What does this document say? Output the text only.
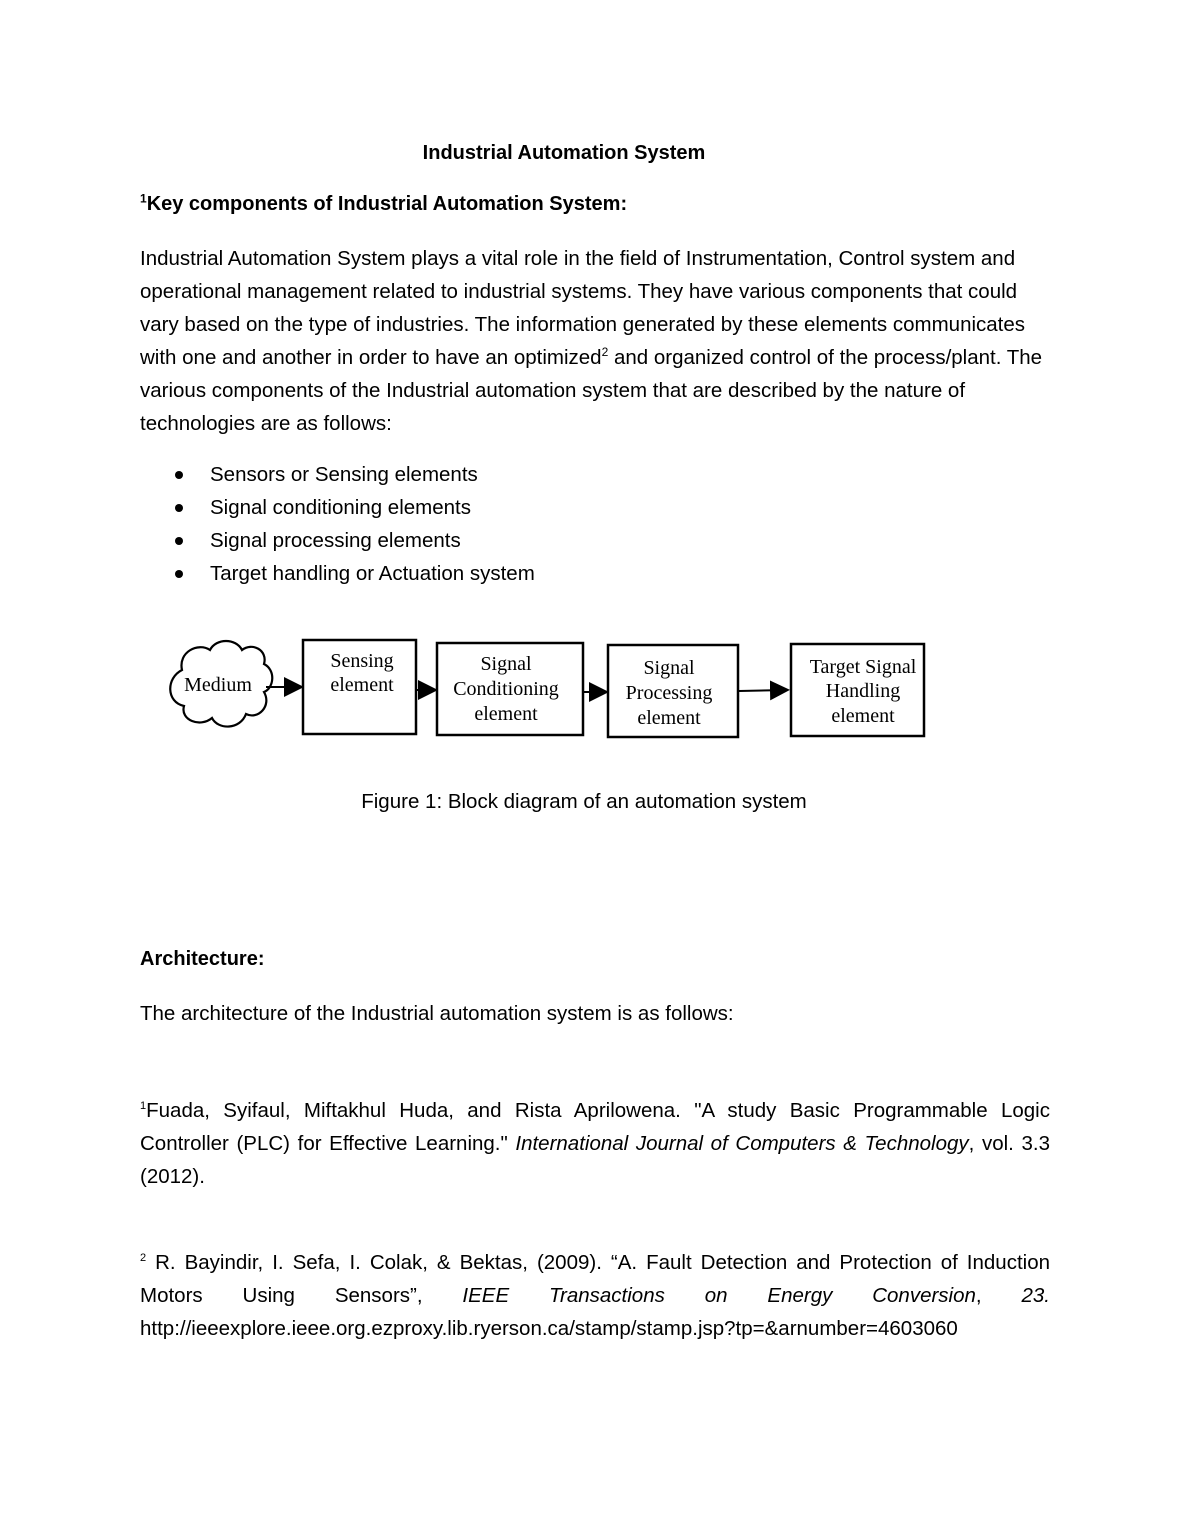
Industrial Automation System

$^1$Key components of Industrial Automation System:

Industrial Automation System plays a vital role in the field of Instrumentation, Control system and operational management related to industrial systems. They have various components that could vary based on the type of industries. The information generated by these elements communicates with one and another in order to have an optimized$^2$ and organized control of the process/plant. The various components of the Industrial automation system that are described by the nature of technologies are as follows:

Sensors or Sensing elements
Signal conditioning elements
Signal processing elements
Target handling or Actuation system
Medium
Sensing
element
Signal
Conditioning
element
Signal
Processing
element
Target Signal
Handling
element
Figure 1: Block diagram of an automation system

Architecture:

The architecture of the Industrial automation system is as follows:

$^1$Fuada, Syifaul, Miftakhul Huda, and Rista Aprilowena. "A study Basic Programmable Logic Controller (PLC) for Effective Learning." International Journal of Computers & Technology, vol. 3.3 (2012).

$^2$ R. Bayindir, I. Sefa, I. Colak, & Bektas, (2009). “A. Fault Detection and Protection of Induction Motors Using Sensors”, IEEE Transactions on Energy Conversion, 23.

http://ieeexplore.ieee.org.ezproxy.lib.ryerson.ca/stamp/stamp.jsp?tp=&arnumber=4603060
